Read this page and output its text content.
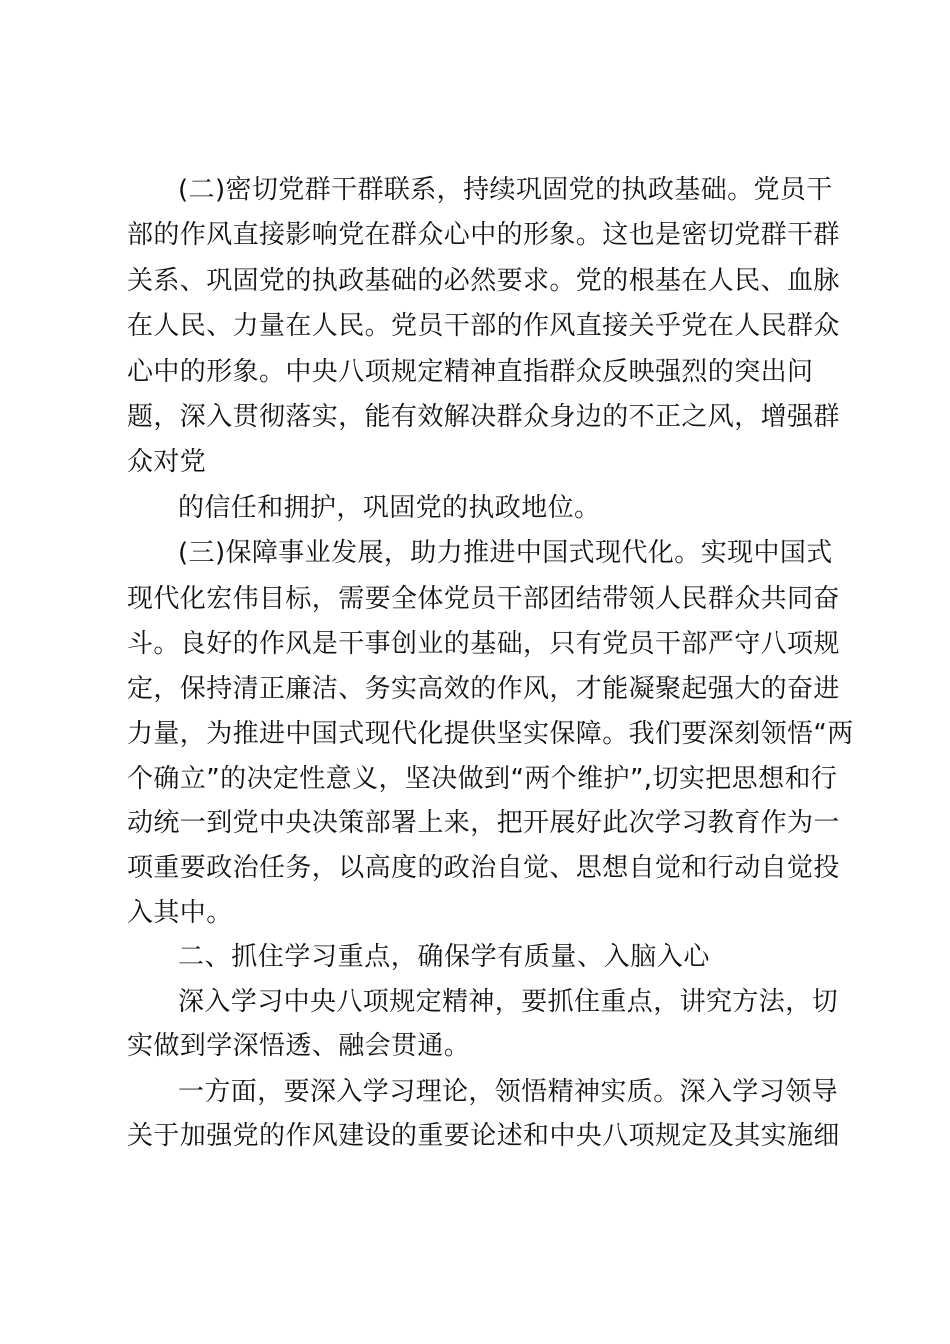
(二)密切党群干群联系，持续巩固党的执政基础。党员干
部的作风直接影响党在群众心中的形象。这也是密切党群干群
关系、巩固党的执政基础的必然要求。党的根基在人民、血脉
在人民、力量在人民。党员干部的作风直接关乎党在人民群众
心中的形象。中央八项规定精神直指群众反映强烈的突出问
题，深入贯彻落实，能有效解决群众身边的不正之风，增强群
众对党
的信任和拥护，巩固党的执政地位。
(三)保障事业发展，助力推进中国式现代化。实现中国式
现代化宏伟目标，需要全体党员干部团结带领人民群众共同奋
斗。良好的作风是干事创业的基础，只有党员干部严守八项规
定，保持清正廉洁、务实高效的作风，才能凝聚起强大的奋进
力量，为推进中国式现代化提供坚实保障。我们要深刻领悟“两
个确立”的决定性意义，坚决做到“两个维护”,切实把思想和行
动统一到党中央决策部署上来，把开展好此次学习教育作为一
项重要政治任务，以高度的政治自觉、思想自觉和行动自觉投
入其中。
二、抓住学习重点，确保学有质量、入脑入心
深入学习中央八项规定精神，要抓住重点，讲究方法，切
实做到学深悟透、融会贯通。
一方面，要深入学习理论，领悟精神实质。深入学习领导
关于加强党的作风建设的重要论述和中央八项规定及其实施细
